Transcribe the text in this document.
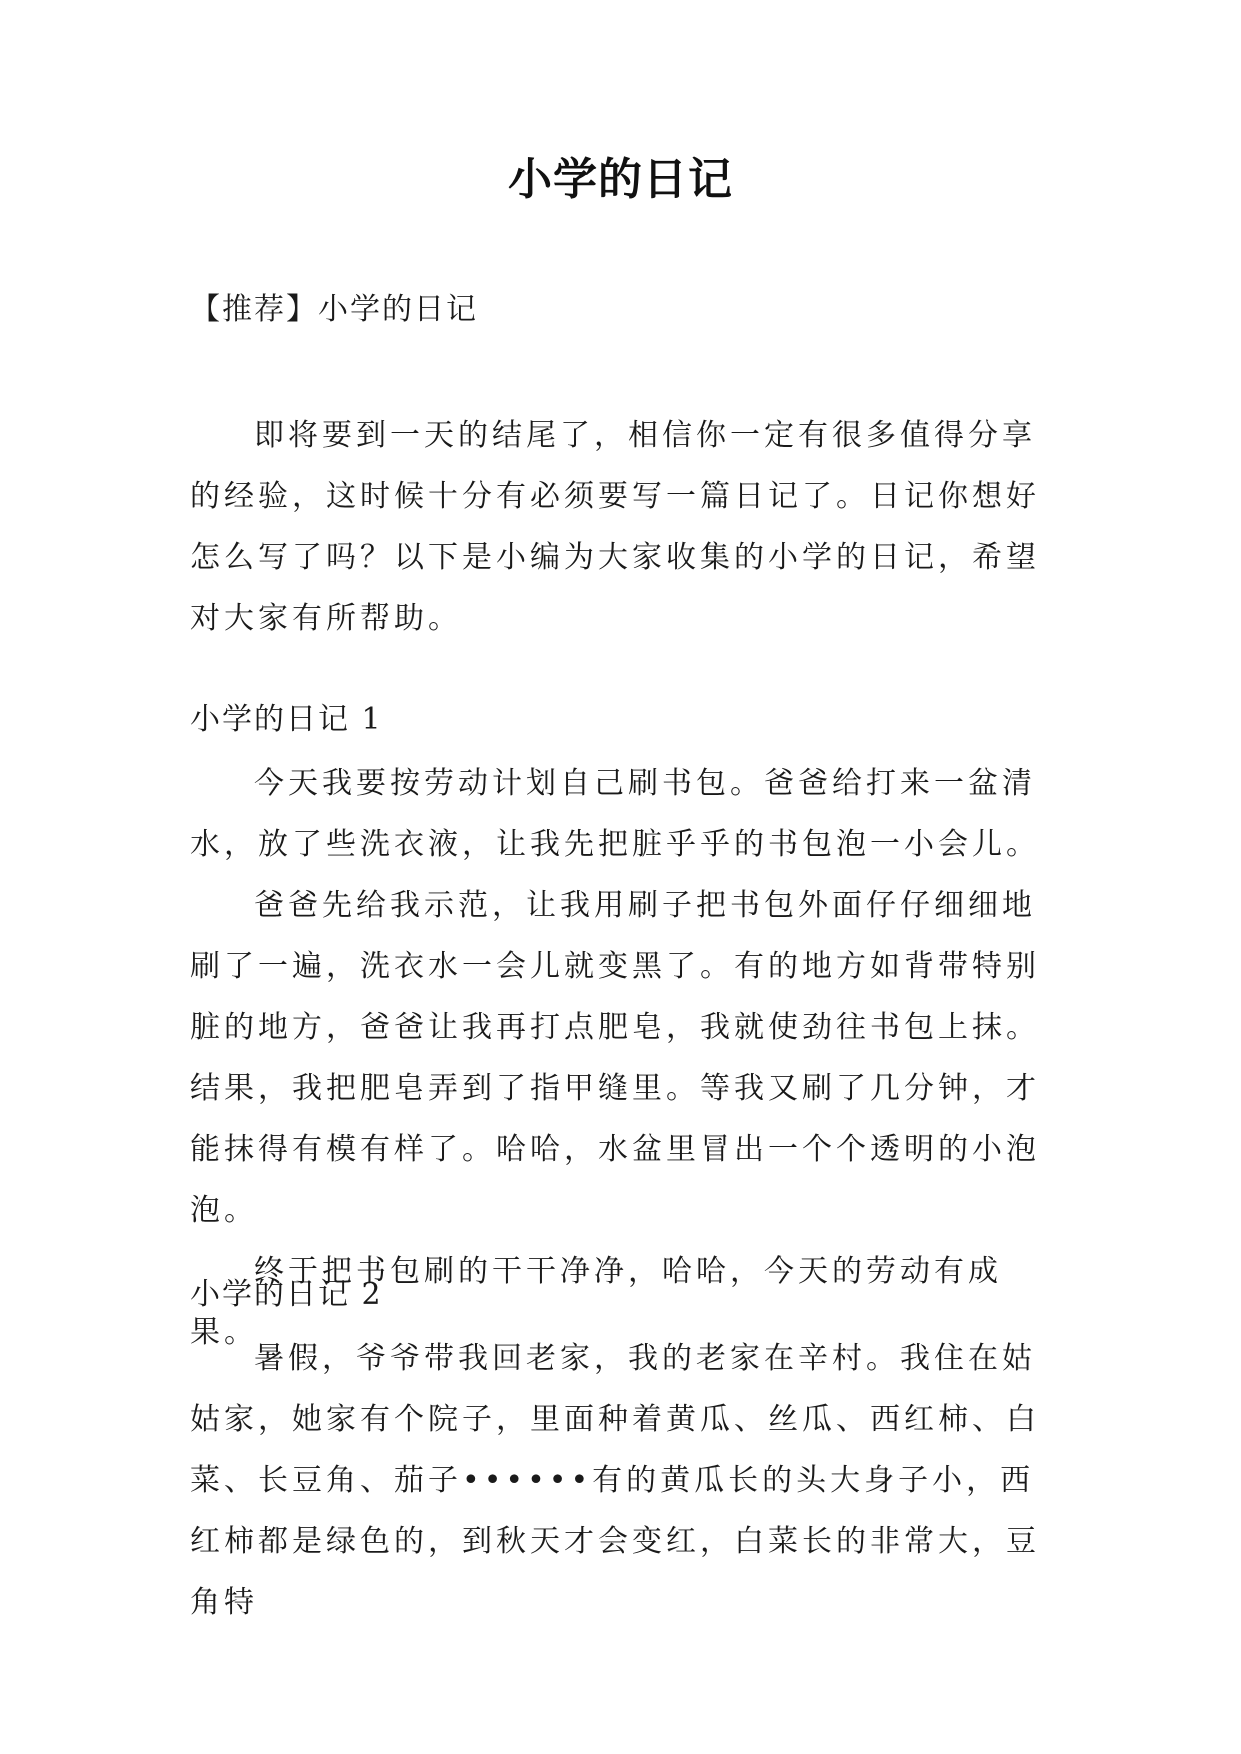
小学的日记
【推荐】小学的日记

即将要到一天的结尾了，相信你一定有很多值得分享的经验，这时候十分有必须要写一篇日记了。日记你想好怎么写了吗？以下是小编为大家收集的小学的日记，希望对大家有所帮助。

小学的日记 1

今天我要按劳动计划自己刷书包。爸爸给打来一盆清水，放了些洗衣液，让我先把脏乎乎的书包泡一小会儿。

爸爸先给我示范，让我用刷子把书包外面仔仔细细地刷了一遍，洗衣水一会儿就变黑了。有的地方如背带特别脏的地方，爸爸让我再打点肥皂，我就使劲往书包上抹。结果，我把肥皂弄到了指甲缝里。等我又刷了几分钟，才能抹得有模有样了。哈哈，水盆里冒出一个个透明的小泡泡。

终于把书包刷的干干净净，哈哈，今天的劳动有成果。

小学的日记 2

暑假，爷爷带我回老家，我的老家在辛村。我住在姑姑家，她家有个院子，里面种着黄瓜、丝瓜、西红柿、白菜、长豆角、茄子••••••有的黄瓜长的头大身子小，西红柿都是绿色的，到秋天才会变红，白菜长的非常大，豆角特
